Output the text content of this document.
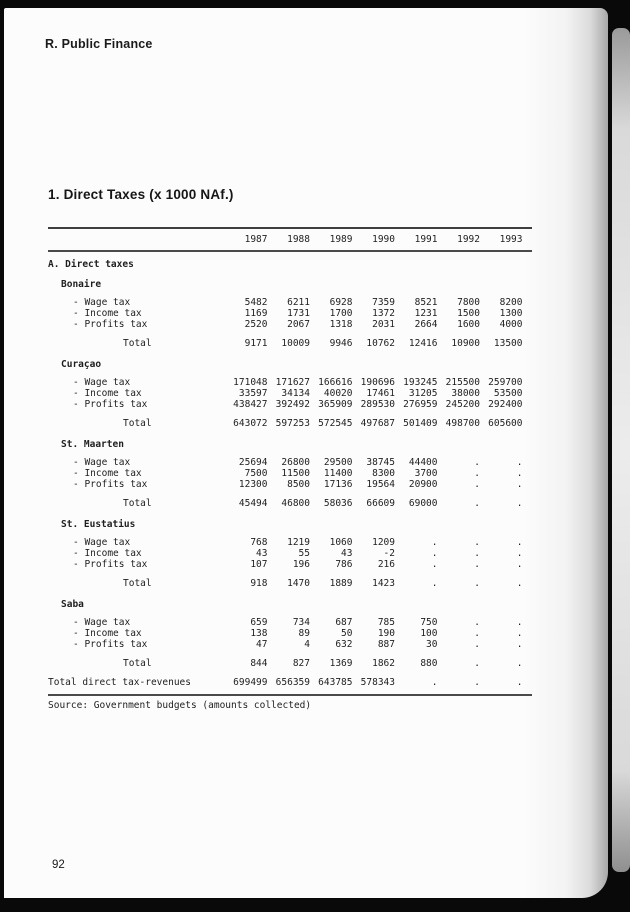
R. Public Finance
1. Direct Taxes (x 1000 NAf.)
1987	1988	1989	1990	1991	1992	1993
A. Direct taxes
Bonaire
- Wage tax	5482	6211	6928	7359	8521	7800	8200
- Income tax	1169	1731	1700	1372	1231	1500	1300
- Profits tax	2520	2067	1318	2031	2664	1600	4000
Total	9171	10009	9946	10762	12416	10900	13500
Curaçao
- Wage tax	171048 171627 166616 190696 193245 215500 259700
- Income tax	33597	34134	40020	17461	31205	38000	53500
- Profits tax	438427 392492 365909 289530 276959 245200 292400
Total	643072 597253 572545 497687 501409 498700 605600
St. Maarten
- Wage tax	25694	26800	29500	38745	44400	.	.
- Income tax	7500	11500	11400	8300	3700	.	.
- Profits tax	12300	8500	17136	19564	20900	.	.
Total	45494	46800	58036	66609	69000	.	.
St. Eustatius
- Wage tax	768	1219	1060	1209	.	.	.
- Income tax	43	55	43	-2	.	.	.
- Profits tax	107	196	786	216	.	.	.
Total	918	1470	1889	1423	.	.	.
Saba
- Wage tax	659	734	687	785	750	.	.
- Income tax	138	89	50	190	100	.	.
- Profits tax	47	4	632	887	30	.	.
Total	844	827	1369	1862	880	.	.
Total direct tax-revenues	699499 656359 643785 578343	.	.	.
Source: Government budgets (amounts collected)
92
